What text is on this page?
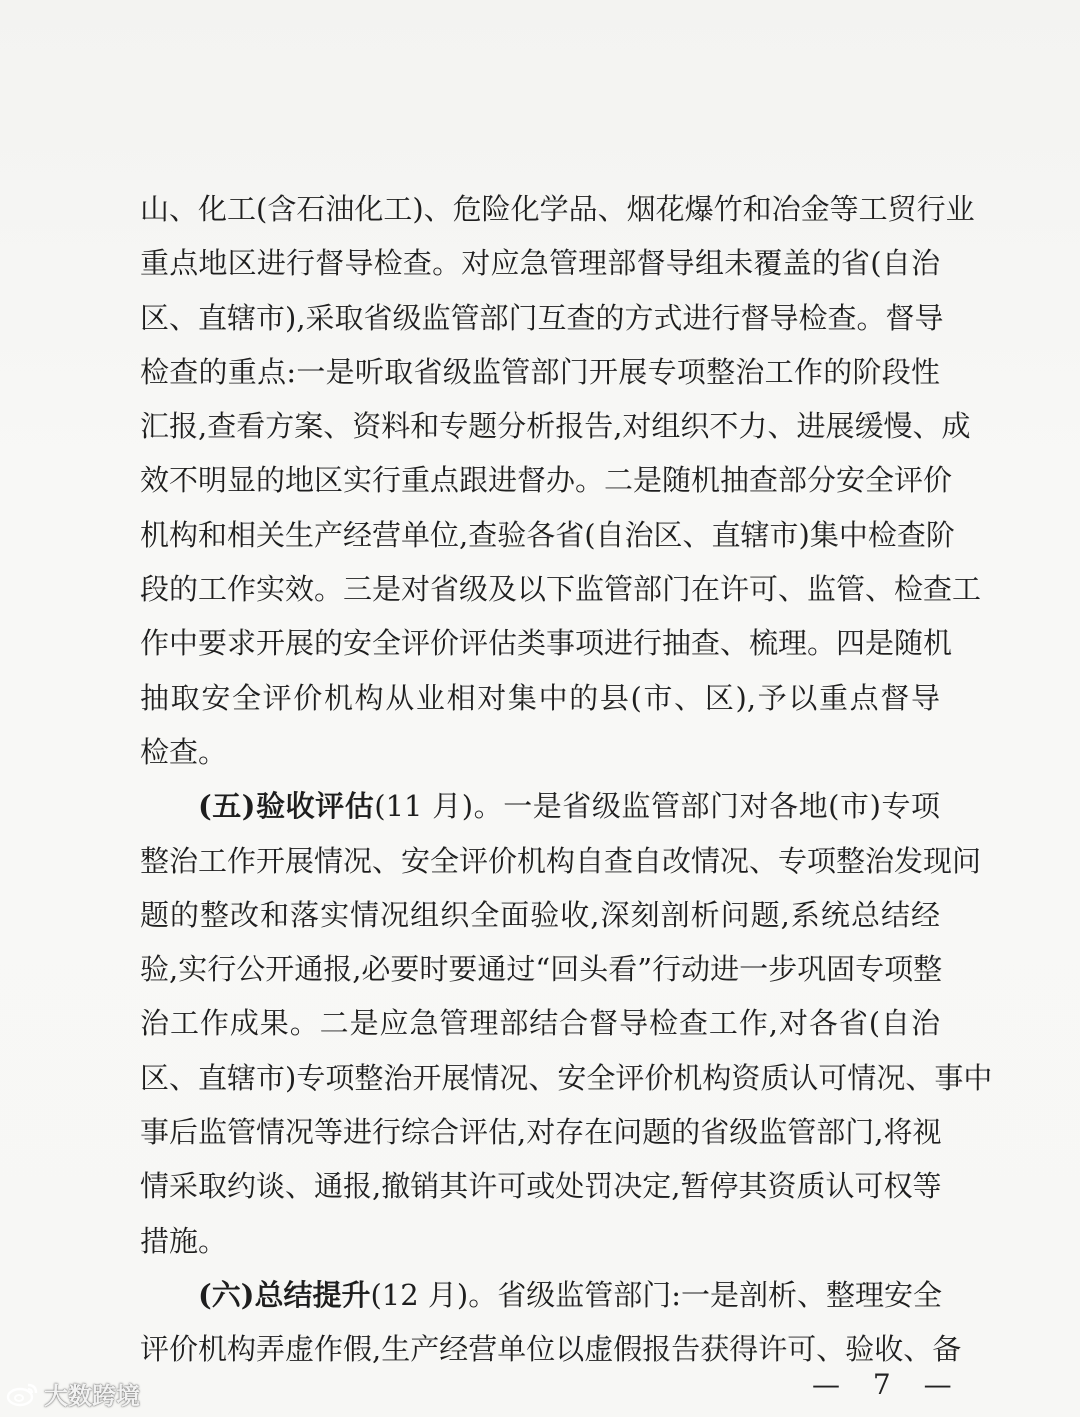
山、化工(含石油化工)、危险化学品、烟花爆竹和冶金等工贸行业
重点地区进行督导检查。对应急管理部督导组未覆盖的省(自治
区、直辖市),采取省级监管部门互查的方式进行督导检查。督导
检查的重点:一是听取省级监管部门开展专项整治工作的阶段性
汇报,查看方案、资料和专题分析报告,对组织不力、进展缓慢、成
效不明显的地区实行重点跟进督办。二是随机抽查部分安全评价
机构和相关生产经营单位,查验各省(自治区、直辖市)集中检查阶
段的工作实效。三是对省级及以下监管部门在许可、监管、检查工
作中要求开展的安全评价评估类事项进行抽查、梳理。四是随机
抽取安全评价机构从业相对集中的县(市、区),予以重点督导
检查。
(五)验收评估(11 月)。一是省级监管部门对各地(市)专项
整治工作开展情况、安全评价机构自查自改情况、专项整治发现问
题的整改和落实情况组织全面验收,深刻剖析问题,系统总结经
验,实行公开通报,必要时要通过“回头看”行动进一步巩固专项整
治工作成果。二是应急管理部结合督导检查工作,对各省(自治
区、直辖市)专项整治开展情况、安全评价机构资质认可情况、事中
事后监管情况等进行综合评估,对存在问题的省级监管部门,将视
情采取约谈、通报,撤销其许可或处罚决定,暂停其资质认可权等
措施。
(六)总结提升(12 月)。省级监管部门:一是剖析、整理安全
评价机构弄虚作假,生产经营单位以虚假报告获得许可、验收、备
— 7 —
大数跨境
